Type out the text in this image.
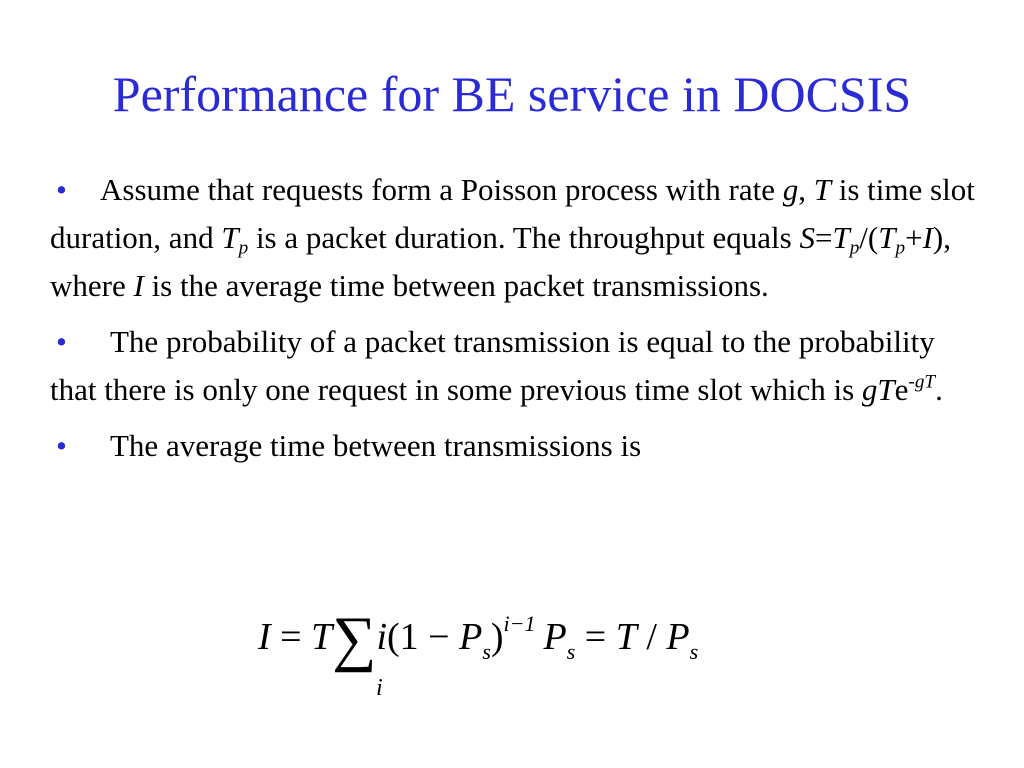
Performance for BE service in DOCSIS
• Assume that requests form a Poisson process with rate g, T is time slot duration, and $T_p$ is a packet duration. The throughput equals $S=T_p/(T_p+I)$, where I is the average time between packet transmissions.
• The probability of a packet transmission is equal to the probability that there is only one request in some previous time slot which is gTe$^{-gT}$.
• The average time between transmissions is
I = T∑i(1 − Ps)i−1 Ps = T / Ps
i
